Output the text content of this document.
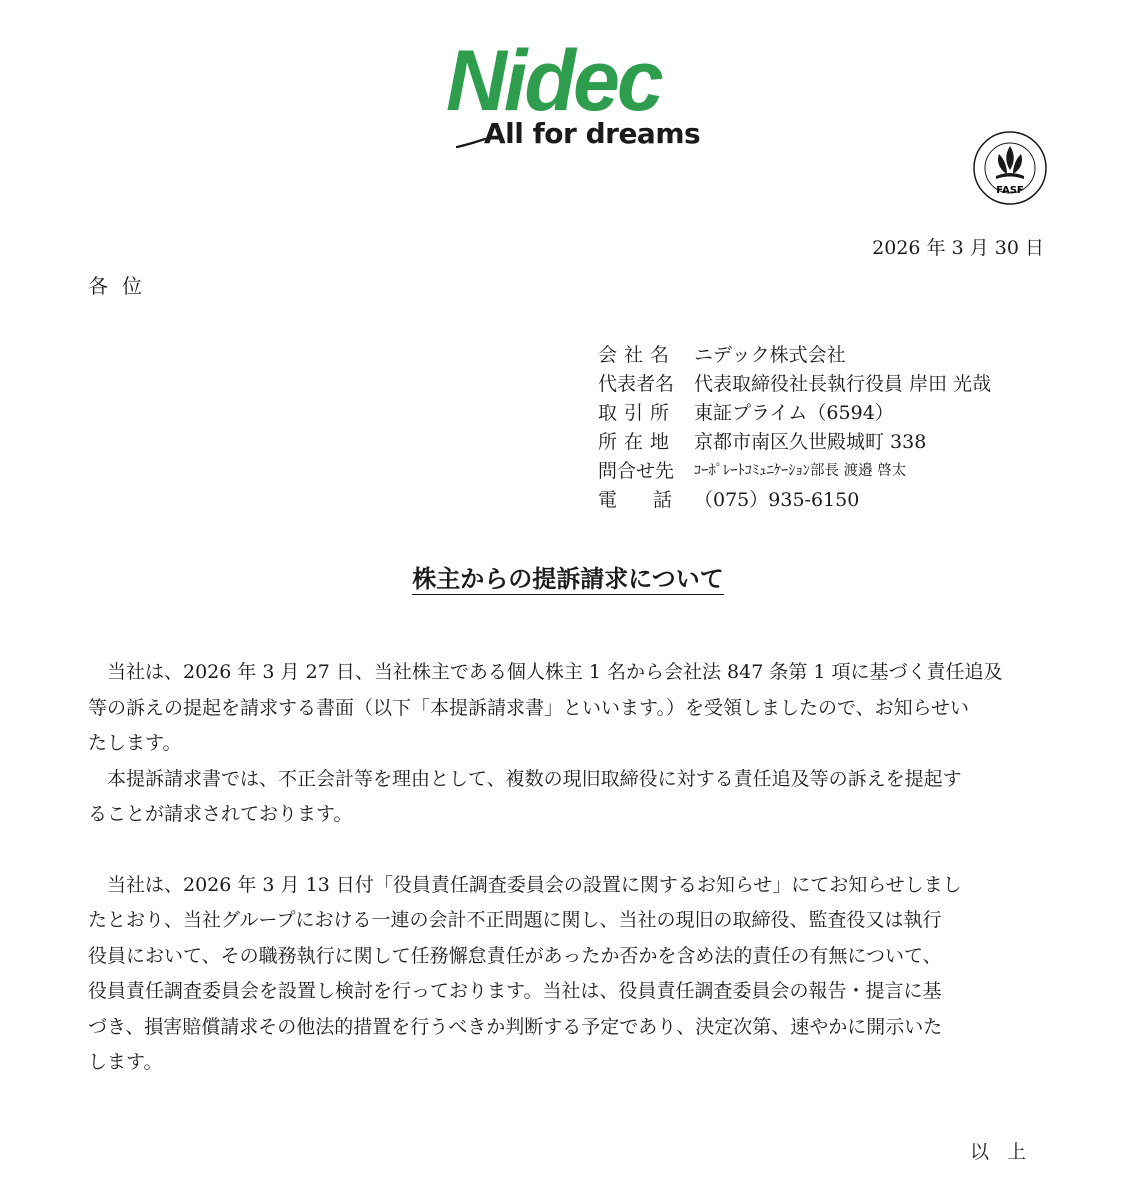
Nidec
All for dreams
FASF
2026 年 3 月 30 日
各位
会社名 ニデック株式会社
代表者名	代表取締役社長執行役員 岸田 光哉
取引所 東証プライム（6594）
所在地 京都市南区久世殿城町 338
問合せ先	ｺｰﾎﾟﾚｰﾄｺﾐｭﾆｹｰｼｮﾝ部長 渡邉 啓太
電話
（075）935-6150
株主からの提訴請求について

　当社は、2026 年 3 月 27 日、当社株主である個人株主 1 名から会社法 847 条第 1 項に基づく責任追及

等の訴えの提起を請求する書面（以下「本提訴請求書」といいます。）を受領しましたので、お知らせい

たします。

　本提訴請求書では、不正会計等を理由として、複数の現旧取締役に対する責任追及等の訴えを提起す

ることが請求されております。

　当社は、2026 年 3 月 13 日付「役員責任調査委員会の設置に関するお知らせ」にてお知らせしまし

たとおり、当社グループにおける一連の会計不正問題に関し、当社の現旧の取締役、監査役又は執行

役員において、その職務執行に関して任務懈怠責任があったか否かを含め法的責任の有無について、

役員責任調査委員会を設置し検討を行っております。当社は、役員責任調査委員会の報告・提言に基

づき、損害賠償請求その他法的措置を行うべきか判断する予定であり、決定次第、速やかに開示いた

します。

以上
